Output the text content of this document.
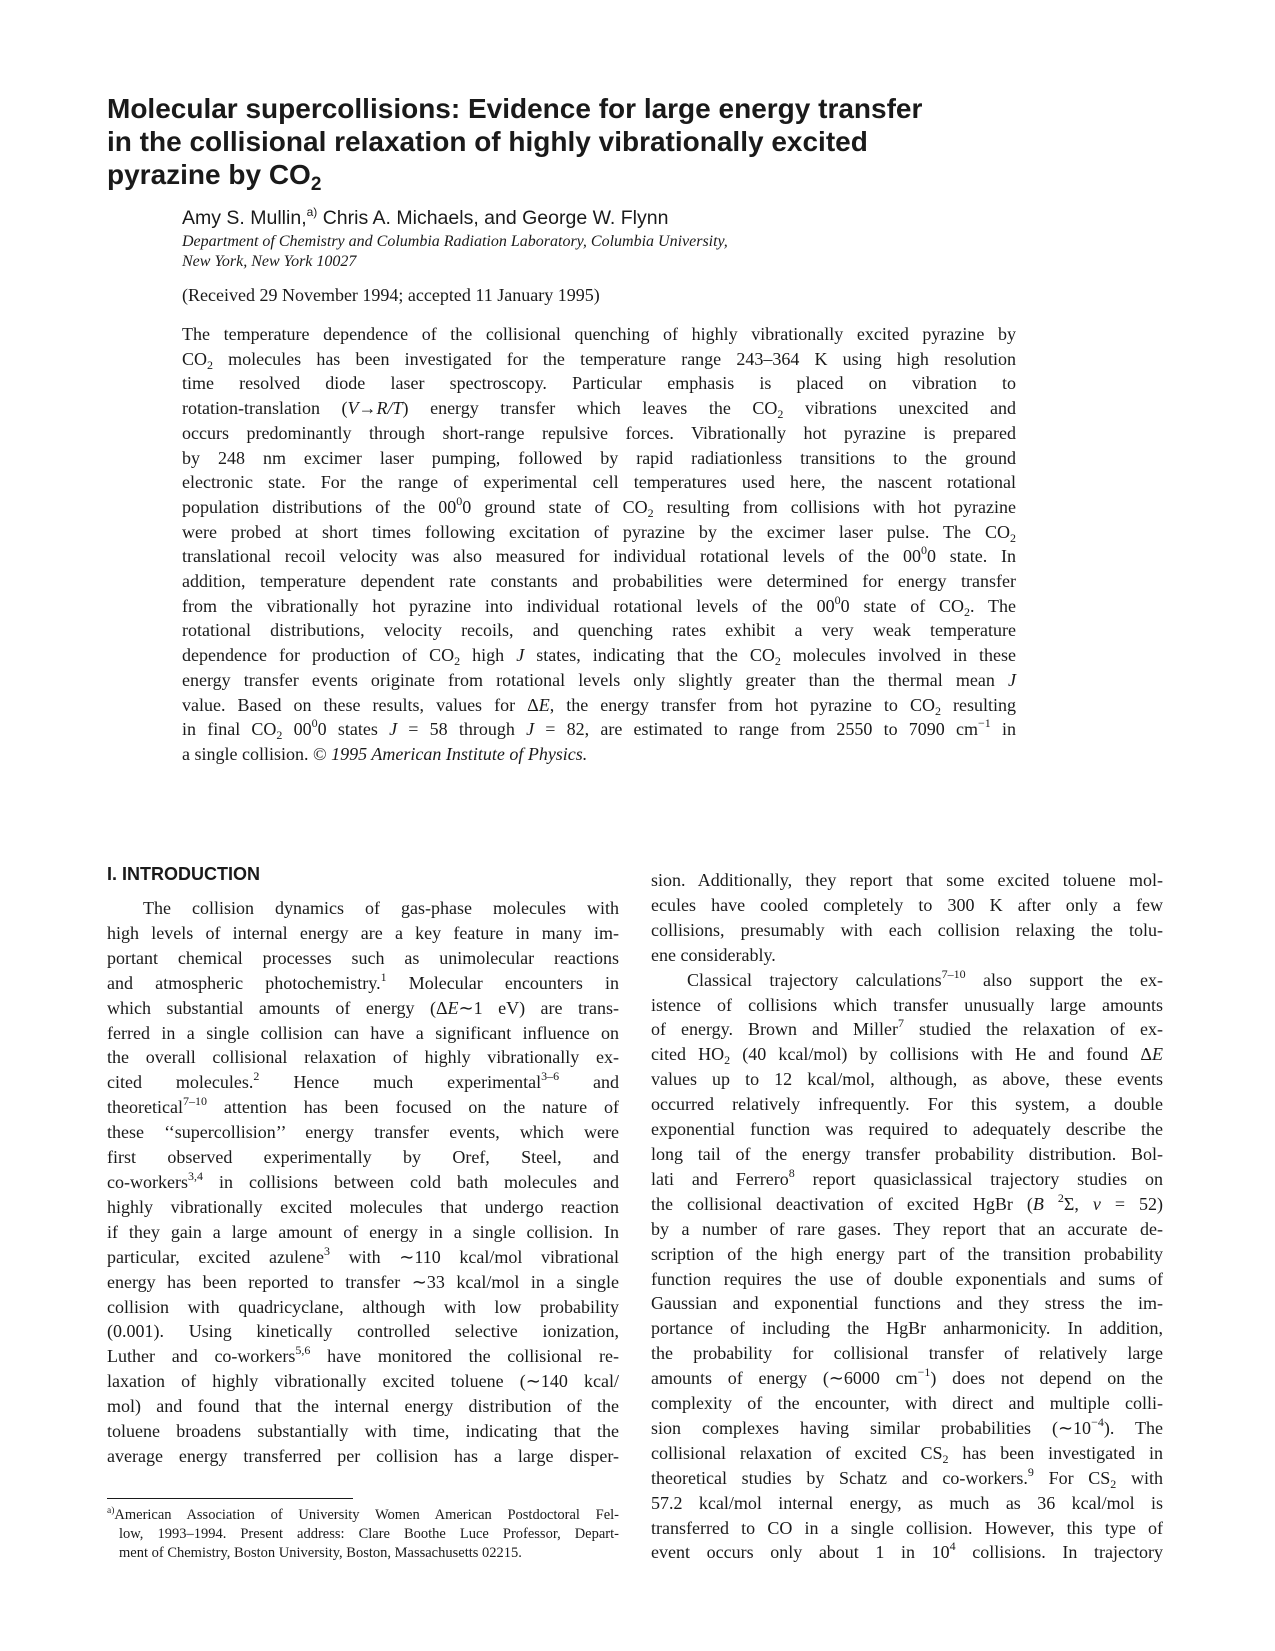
Molecular supercollisions: Evidence for large energy transfer
in the collisional relaxation of highly vibrationally excited
pyrazine by $CO_2$
Amy S. Mullin,$^{a)}$ Chris A. Michaels, and George W. Flynn
Department of Chemistry and Columbia Radiation Laboratory, Columbia University,
New York, New York 10027
(Received 29 November 1994; accepted 11 January 1995)
The temperature dependence of the collisional quenching of highly vibrationally excited pyrazine by
$CO_2$ molecules has been investigated for the temperature range 243–364 K using high resolution
time resolved diode laser spectroscopy. Particular emphasis is placed on vibration to
rotation-translation (V→R/T) energy transfer which leaves the $CO_2$ vibrations unexcited and
occurs predominantly through short-range repulsive forces. Vibrationally hot pyrazine is prepared
by 248 nm excimer laser pumping, followed by rapid radiationless transitions to the ground
electronic state. For the range of experimental cell temperatures used here, the nascent rotational
population distributions of the $00^00$ ground state of $CO_2$ resulting from collisions with hot pyrazine
were probed at short times following excitation of pyrazine by the excimer laser pulse. The $CO_2$
translational recoil velocity was also measured for individual rotational levels of the $00^00$ state. In
addition, temperature dependent rate constants and probabilities were determined for energy transfer
from the vibrationally hot pyrazine into individual rotational levels of the $00^00$ state of $CO_2$. The
rotational distributions, velocity recoils, and quenching rates exhibit a very weak temperature
dependence for production of $CO_2$ high J states, indicating that the $CO_2$ molecules involved in these
energy transfer events originate from rotational levels only slightly greater than the thermal mean J
value. Based on these results, values for ΔE, the energy transfer from hot pyrazine to $CO_2$ resulting
in final $CO_2$ $00^00$ states J = 58 through J = 82, are estimated to range from 2550 to 7090 $cm^{-1}$ in
a single collision. © 1995 American Institute of Physics.
I. INTRODUCTION
The collision dynamics of gas-phase molecules with
high levels of internal energy are a key feature in many im-
portant chemical processes such as unimolecular reactions
and atmospheric photochemistry.$^1$ Molecular encounters in
which substantial amounts of energy (ΔE∼1 eV) are trans-
ferred in a single collision can have a significant influence on
the overall collisional relaxation of highly vibrationally ex-
cited molecules.$^2$ Hence much experimental$^{3-6}$ and
theoretical$^{7-10}$ attention has been focused on the nature of
these ‘‘supercollision’’ energy transfer events, which were
first observed experimentally by Oref, Steel, and
co-workers$^{3,4}$ in collisions between cold bath molecules and
highly vibrationally excited molecules that undergo reaction
if they gain a large amount of energy in a single collision. In
particular, excited azulene$^3$ with ∼110 kcal/mol vibrational
energy has been reported to transfer ∼33 kcal/mol in a single
collision with quadricyclane, although with low probability
(0.001). Using kinetically controlled selective ionization,
Luther and co-workers$^{5,6}$ have monitored the collisional re-
laxation of highly vibrationally excited toluene (∼140 kcal/
mol) and found that the internal energy distribution of the
toluene broadens substantially with time, indicating that the
average energy transferred per collision has a large disper-
sion. Additionally, they report that some excited toluene mol-
ecules have cooled completely to 300 K after only a few
collisions, presumably with each collision relaxing the tolu-
ene considerably.
Classical trajectory calculations$^{7-10}$ also support the ex-
istence of collisions which transfer unusually large amounts
of energy. Brown and Miller$^7$ studied the relaxation of ex-
cited $HO_2$ (40 kcal/mol) by collisions with He and found ΔE
values up to 12 kcal/mol, although, as above, these events
occurred relatively infrequently. For this system, a double
exponential function was required to adequately describe the
long tail of the energy transfer probability distribution. Bol-
lati and Ferrero$^8$ report quasiclassical trajectory studies on
the collisional deactivation of excited HgBr (B $^2$Σ, v = 52)
by a number of rare gases. They report that an accurate de-
scription of the high energy part of the transition probability
function requires the use of double exponentials and sums of
Gaussian and exponential functions and they stress the im-
portance of including the HgBr anharmonicity. In addition,
the probability for collisional transfer of relatively large
amounts of energy (∼6000 $cm^{-1}$) does not depend on the
complexity of the encounter, with direct and multiple colli-
sion complexes having similar probabilities $(\sim 10^{-4})$. The
collisional relaxation of excited $CS_2$ has been investigated in
theoretical studies by Schatz and co-workers.$^9$ For $CS_2$ with
57.2 kcal/mol internal energy, as much as 36 kcal/mol is
transferred to CO in a single collision. However, this type of
event occurs only about 1 in $10^4$ collisions. In trajectory
$^{a)}$American Association of University Women American Postdoctoral Fel-
low, 1993–1994. Present address: Clare Boothe Luce Professor, Depart-
ment of Chemistry, Boston University, Boston, Massachusetts 02215.
